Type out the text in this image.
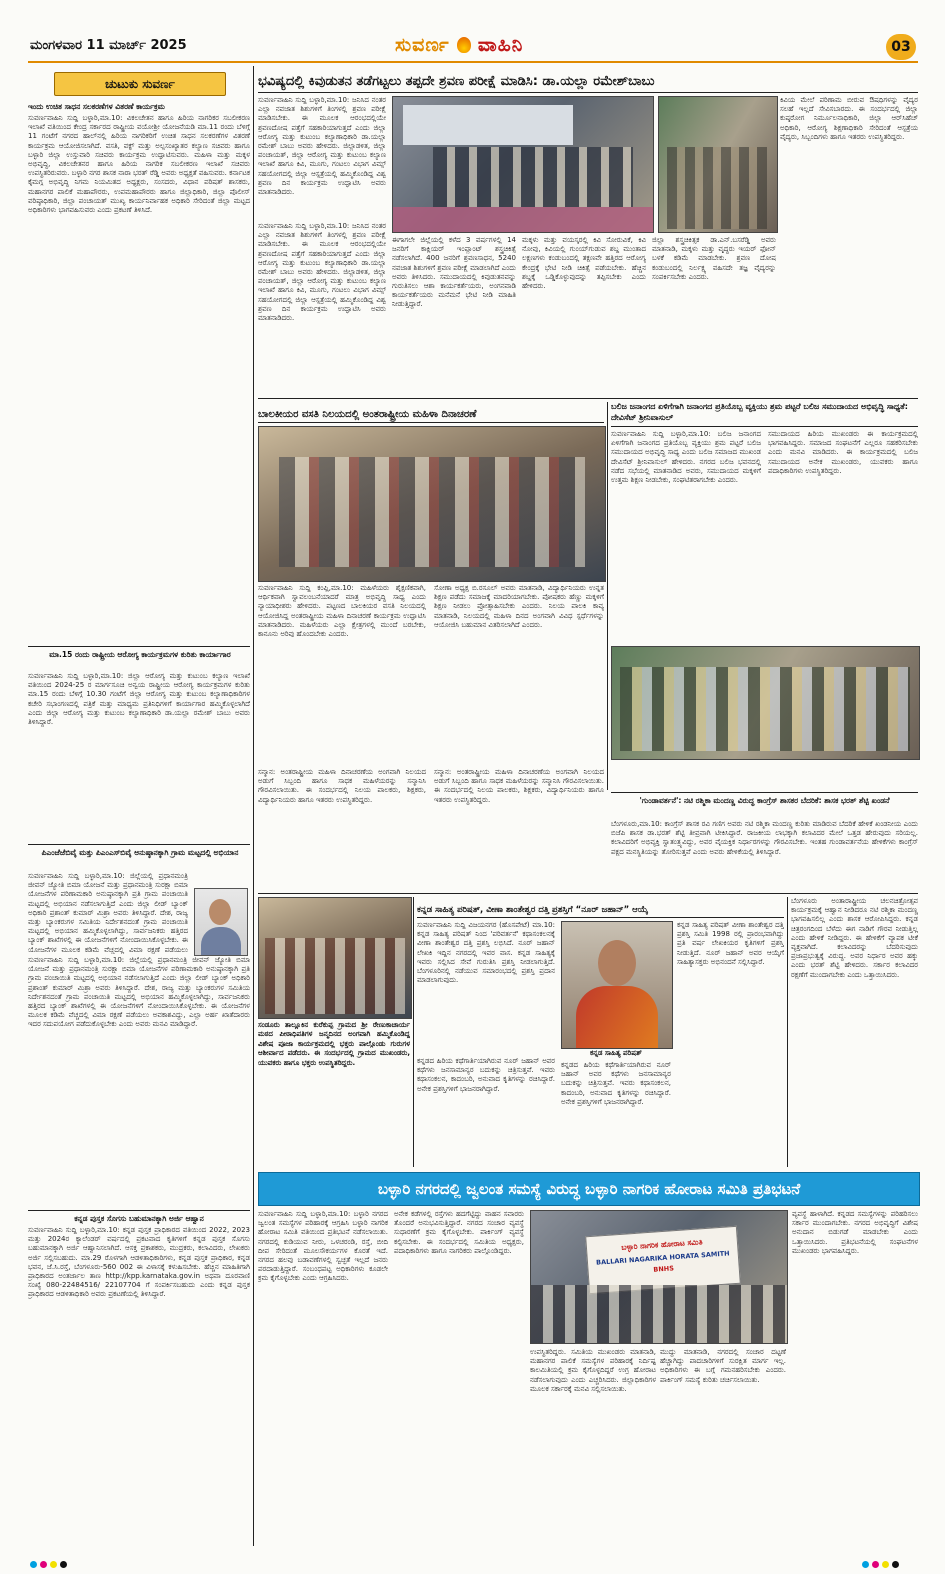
ಮಂಗಳವಾರ 11 ಮಾರ್ಚ್ 2025	ಸುವರ್ಣ ವಾಹಿನಿ	03
ಚುಟುಕು ಸುವರ್ಣ
ಇಂದು ಉಚಿತ ಸಾಧನ ಸಲಕರಣೆಗಳ ವಿತರಣೆ ಕಾರ್ಯಕ್ರಮ
ಸುವರ್ಣವಾಹಿನಿ ಸುದ್ದಿ ಬಳ್ಳಾರಿ,ಮಾ.10: ವಿಕಲಚೇತನ ಹಾಗೂ ಹಿರಿಯ ನಾಗರಿಕರ ಸಬಲೀಕರಣ ಇಲಾಖೆ ವತಿಯಿಂದ ಕೇಂದ್ರ ಸರ್ಕಾರದ ರಾಷ್ಟ್ರೀಯ ವಯೋಶ್ರೀ ಯೋಜನೆಯಡಿ ಮಾ.11 ರಂದು ಬೆಳಿಗ್ಗೆ 11 ಗಂಟೆಗೆ ನಗರದ ಹಾಲ್‌ನಲ್ಲಿ ಹಿರಿಯ ನಾಗರಿಕರಿಗೆ ಉಚಿತ ಸಾಧನ ಸಲಕರಣೆಗಳ ವಿತರಣೆ ಕಾರ್ಯಕ್ರಮ ಆಯೋಜಿಸಲಾಗಿದೆ. ವಸತಿ, ವಕ್ಫ್ ಮತ್ತು ಅಲ್ಪಸಂಖ್ಯಾತರ ಕಲ್ಯಾಣ ಸಚಿವರು ಹಾಗೂ ಬಳ್ಳಾರಿ ಜಿಲ್ಲಾ ಉಸ್ತುವಾರಿ ಸಚಿವರು ಕಾರ್ಯಕ್ರಮ ಉದ್ಘಾಟಿಸುವರು. ಮಹಿಳಾ ಮತ್ತು ಮಕ್ಕಳ ಅಭಿವೃದ್ಧಿ, ವಿಕಲಚೇತನರ ಹಾಗೂ ಹಿರಿಯ ನಾಗರಿಕ ಸಬಲೀಕರಣ ಇಲಾಖೆ ಸಚಿವರು ಉಪಸ್ಥಿತರಿರುವರು. ಬಳ್ಳಾರಿ ನಗರ ಶಾಸಕ ನಾರಾ ಭರತ್ ರೆಡ್ಡಿ ಅವರು ಅಧ್ಯಕ್ಷತೆ ವಹಿಸುವರು. ಕರ್ನಾಟಕ ಕೈಮಗ್ಗ ಅಭಿವೃದ್ಧಿ ನಿಗಮ ನಿಯಮಿತದ ಅಧ್ಯಕ್ಷರು, ಸಂಸದರು, ವಿಧಾನ ಪರಿಷತ್ ಶಾಸಕರು, ಮಹಾನಗರ ಪಾಲಿಕೆ ಮಹಾಪೌರರು, ಉಪಮಹಾಪೌರರು ಹಾಗೂ ಜಿಲ್ಲಾಧಿಕಾರಿ, ಜಿಲ್ಲಾ ಪೊಲೀಸ್ ವರಿಷ್ಠಾಧಿಕಾರಿ, ಜಿಲ್ಲಾ ಪಂಚಾಯತ್ ಮುಖ್ಯ ಕಾರ್ಯನಿರ್ವಾಹಕ ಅಧಿಕಾರಿ ಸೇರಿದಂತೆ ಜಿಲ್ಲಾ ಮಟ್ಟದ ಅಧಿಕಾರಿಗಳು ಭಾಗವಹಿಸುವರು ಎಂದು ಪ್ರಕಟಣೆ ತಿಳಿಸಿದೆ.
ಮಾ.15 ರಂದು ರಾಷ್ಟ್ರೀಯ ಆರೋಗ್ಯ ಕಾರ್ಯಕ್ರಮಗಳ ಕುರಿತು ಕಾರ್ಯಾಗಾರ
ಸುವರ್ಣವಾಹಿನಿ ಸುದ್ದಿ ಬಳ್ಳಾರಿ,ಮಾ.10: ಜಿಲ್ಲಾ ಆರೋಗ್ಯ ಮತ್ತು ಕುಟುಂಬ ಕಲ್ಯಾಣ ಇಲಾಖೆ ವತಿಯಿಂದ 2024-25 ರ ಮಾರ್ಗಸೂಚಿ ಅನ್ವಯ ರಾಷ್ಟ್ರೀಯ ಆರೋಗ್ಯ ಕಾರ್ಯಕ್ರಮಗಳ ಕುರಿತು ಮಾ.15 ರಂದು ಬೆಳಿಗ್ಗೆ 10.30 ಗಂಟೆಗೆ ಜಿಲ್ಲಾ ಆರೋಗ್ಯ ಮತ್ತು ಕುಟುಂಬ ಕಲ್ಯಾಣಾಧಿಕಾರಿಗಳ ಕಚೇರಿ ಸಭಾಂಗಣದಲ್ಲಿ ಪತ್ರಿಕೆ ಮತ್ತು ಮಾಧ್ಯಮ ಪ್ರತಿನಿಧಿಗಳಿಗೆ ಕಾರ್ಯಾಗಾರ ಹಮ್ಮಿಕೊಳ್ಳಲಾಗಿದೆ ಎಂದು ಜಿಲ್ಲಾ ಆರೋಗ್ಯ ಮತ್ತು ಕುಟುಂಬ ಕಲ್ಯಾಣಾಧಿಕಾರಿ ಡಾ.ಯಲ್ಲಾ ರಮೇಶ್ ಬಾಬು ಅವರು ತಿಳಿಸಿದ್ದಾರೆ.
ಪಿಎಂಜೆಜೆಬಿವೈ ಮತ್ತು ಪಿಎಂಎಸ್‌ಬಿವೈ ಅನುಷ್ಠಾನಕ್ಕಾಗಿ ಗ್ರಾಮ ಮಟ್ಟದಲ್ಲಿ ಅಭಿಯಾನ
ಸುವರ್ಣವಾಹಿನಿ ಸುದ್ದಿ ಬಳ್ಳಾರಿ,ಮಾ.10: ಜಿಲ್ಲೆಯಲ್ಲಿ ಪ್ರಧಾನಮಂತ್ರಿ ಜೀವನ್ ಜ್ಯೋತಿ ಬಿಮಾ ಯೋಜನೆ ಮತ್ತು ಪ್ರಧಾನಮಂತ್ರಿ ಸುರಕ್ಷಾ ಬಿಮಾ ಯೋಜನೆಗಳ ಪರಿಣಾಮಕಾರಿ ಅನುಷ್ಠಾನಕ್ಕಾಗಿ ಪ್ರತಿ ಗ್ರಾಮ ಪಂಚಾಯಿತಿ ಮಟ್ಟದಲ್ಲಿ ಅಭಿಯಾನ ನಡೆಸಲಾಗುತ್ತಿದೆ ಎಂದು ಜಿಲ್ಲಾ ಲೀಡ್ ಬ್ಯಾಂಕ್ ಅಧಿಕಾರಿ ಪ್ರಶಾಂತ್ ಕುಮಾರ್ ಮಿಶ್ರಾ ಅವರು ತಿಳಿಸಿದ್ದಾರೆ. ದೇಶ, ರಾಜ್ಯ ಮತ್ತು ಬ್ಯಾಂಕರುಗಳ ಸಮಿತಿಯ ನಿರ್ದೇಶನದಂತೆ ಗ್ರಾಮ ಪಂಚಾಯಿತಿ ಮಟ್ಟದಲ್ಲಿ ಅಭಿಯಾನ ಹಮ್ಮಿಕೊಳ್ಳಲಾಗಿದ್ದು, ಸಾರ್ವಜನಿಕರು ಹತ್ತಿರದ ಬ್ಯಾಂಕ್ ಶಾಖೆಗಳಲ್ಲಿ ಈ ಯೋಜನೆಗಳಿಗೆ ನೋಂದಾಯಿಸಿಕೊಳ್ಳಬೇಕು. ಈ ಯೋಜನೆಗಳ ಮೂಲಕ ಕಡಿಮೆ ವೆಚ್ಚದಲ್ಲಿ ವಿಮಾ ರಕ್ಷಣೆ ಪಡೆಯಲು
ಸುವರ್ಣವಾಹಿನಿ ಸುದ್ದಿ ಬಳ್ಳಾರಿ,ಮಾ.10: ಜಿಲ್ಲೆಯಲ್ಲಿ ಪ್ರಧಾನಮಂತ್ರಿ ಜೀವನ್ ಜ್ಯೋತಿ ಬಿಮಾ ಯೋಜನೆ ಮತ್ತು ಪ್ರಧಾನಮಂತ್ರಿ ಸುರಕ್ಷಾ ಬಿಮಾ ಯೋಜನೆಗಳ ಪರಿಣಾಮಕಾರಿ ಅನುಷ್ಠಾನಕ್ಕಾಗಿ ಪ್ರತಿ ಗ್ರಾಮ ಪಂಚಾಯಿತಿ ಮಟ್ಟದಲ್ಲಿ ಅಭಿಯಾನ ನಡೆಸಲಾಗುತ್ತಿದೆ ಎಂದು ಜಿಲ್ಲಾ ಲೀಡ್ ಬ್ಯಾಂಕ್ ಅಧಿಕಾರಿ ಪ್ರಶಾಂತ್ ಕುಮಾರ್ ಮಿಶ್ರಾ ಅವರು ತಿಳಿಸಿದ್ದಾರೆ. ದೇಶ, ರಾಜ್ಯ ಮತ್ತು ಬ್ಯಾಂಕರುಗಳ ಸಮಿತಿಯ ನಿರ್ದೇಶನದಂತೆ ಗ್ರಾಮ ಪಂಚಾಯಿತಿ ಮಟ್ಟದಲ್ಲಿ ಅಭಿಯಾನ ಹಮ್ಮಿಕೊಳ್ಳಲಾಗಿದ್ದು, ಸಾರ್ವಜನಿಕರು ಹತ್ತಿರದ ಬ್ಯಾಂಕ್ ಶಾಖೆಗಳಲ್ಲಿ ಈ ಯೋಜನೆಗಳಿಗೆ ನೋಂದಾಯಿಸಿಕೊಳ್ಳಬೇಕು. ಈ ಯೋಜನೆಗಳ ಮೂಲಕ ಕಡಿಮೆ ವೆಚ್ಚದಲ್ಲಿ ವಿಮಾ ರಕ್ಷಣೆ ಪಡೆಯಲು ಅವಕಾಶವಿದ್ದು, ಎಲ್ಲಾ ಅರ್ಹ ಖಾತೆದಾರರು ಇದರ ಸದುಪಯೋಗ ಪಡೆದುಕೊಳ್ಳಬೇಕು ಎಂದು ಅವರು ಮನವಿ ಮಾಡಿದ್ದಾರೆ.
ಕನ್ನಡ ಪುಸ್ತಕ ಸೊಗಸು ಬಹುಮಾನಕ್ಕಾಗಿ ಅರ್ಜಿ ಆಹ್ವಾನ
ಸುವರ್ಣವಾಹಿನಿ ಸುದ್ದಿ ಬಳ್ಳಾರಿ,ಮಾ.10: ಕನ್ನಡ ಪುಸ್ತಕ ಪ್ರಾಧಿಕಾರದ ವತಿಯಿಂದ 2022, 2023 ಮತ್ತು 2024ರ ಕ್ಯಾಲೆಂಡರ್ ವರ್ಷದಲ್ಲಿ ಪ್ರಕಟವಾದ ಕೃತಿಗಳಿಗೆ ಕನ್ನಡ ಪುಸ್ತಕ ಸೊಗಸು ಬಹುಮಾನಕ್ಕಾಗಿ ಅರ್ಜಿ ಆಹ್ವಾನಿಸಲಾಗಿದೆ. ಆಸಕ್ತ ಪ್ರಕಾಶಕರು, ಮುದ್ರಕರು, ಕಲಾವಿದರು, ಲೇಖಕರು ಅರ್ಜಿ ಸಲ್ಲಿಸಬಹುದು. ಮಾ.29 ರೊಳಗಾಗಿ ಆಡಳಿತಾಧಿಕಾರಿಗಳು, ಕನ್ನಡ ಪುಸ್ತಕ ಪ್ರಾಧಿಕಾರ, ಕನ್ನಡ ಭವನ, ಜೆ.ಸಿ.ರಸ್ತೆ, ಬೆಂಗಳೂರು-560 002 ಈ ವಿಳಾಸಕ್ಕೆ ಕಳುಹಿಸಬೇಕು. ಹೆಚ್ಚಿನ ಮಾಹಿತಿಗಾಗಿ ಪ್ರಾಧಿಕಾರದ ಅಂತರ್ಜಾಲ ತಾಣ http://kpp.karnataka.gov.in ಅಥವಾ ದೂರವಾಣಿ ಸಂಖ್ಯೆ 080-22484516/ 22107704 ಗೆ ಸಂಪರ್ಕಿಸಬಹುದು ಎಂದು ಕನ್ನಡ ಪುಸ್ತಕ ಪ್ರಾಧಿಕಾರದ ಆಡಳಿತಾಧಿಕಾರಿ ಅವರು ಪ್ರಕಟಣೆಯಲ್ಲಿ ತಿಳಿಸಿದ್ದಾರೆ.
ಭವಿಷ್ಯದಲ್ಲಿ ಕಿವುಡುತನ ತಡೆಗಟ್ಟಲು ತಪ್ಪದೇ ಶ್ರವಣ ಪರೀಕ್ಷೆ ಮಾಡಿಸಿ: ಡಾ.ಯಲ್ಲಾ ರಮೇಶ್‌ಬಾಬು
ಸುವರ್ಣವಾಹಿನಿ ಸುದ್ದಿ ಬಳ್ಳಾರಿ,ಮಾ.10: ಜನಿಸಿದ ನಂತರ ಎಲ್ಲಾ ನವಜಾತ ಶಿಶುಗಳಿಗೆ ತಿಂಗಳಲ್ಲಿ ಶ್ರವಣ ಪರೀಕ್ಷೆ ಮಾಡಿಸಬೇಕು. ಈ ಮೂಲಕ ಆರಂಭದಲ್ಲಿಯೇ ಶ್ರವಣದೋಷ ಪತ್ತೆಗೆ ಸಹಕಾರಿಯಾಗುತ್ತದೆ ಎಂದು ಜಿಲ್ಲಾ ಆರೋಗ್ಯ ಮತ್ತು ಕುಟುಂಬ ಕಲ್ಯಾಣಾಧಿಕಾರಿ ಡಾ.ಯಲ್ಲಾ ರಮೇಶ್ ಬಾಬು ಅವರು ಹೇಳಿದರು. ಜಿಲ್ಲಾಡಳಿತ, ಜಿಲ್ಲಾ ಪಂಚಾಯತ್, ಜಿಲ್ಲಾ ಆರೋಗ್ಯ ಮತ್ತು ಕುಟುಂಬ ಕಲ್ಯಾಣ ಇಲಾಖೆ ಹಾಗೂ ಕಿವಿ, ಮೂಗು, ಗಂಟಲು ವಿಭಾಗ ವಿಮ್ಸ್ ಸಹಯೋಗದಲ್ಲಿ ಜಿಲ್ಲಾ ಆಸ್ಪತ್ರೆಯಲ್ಲಿ ಹಮ್ಮಿಕೊಂಡಿದ್ದ ವಿಶ್ವ ಶ್ರವಣ ದಿನ ಕಾರ್ಯಕ್ರಮ ಉದ್ಘಾಟಿಸಿ ಅವರು ಮಾತನಾಡಿದರು.
ಕಿವಿಯ ಮೇಲೆ ಪರಿಣಾಮ ಬೀರುವ ಔಷಧಿಗಳನ್ನು ವೈದ್ಯರ ಸಲಹೆ ಇಲ್ಲದೆ ಸೇವಿಸಬಾರದು. ಈ ಸಂದರ್ಭದಲ್ಲಿ ಜಿಲ್ಲಾ ಕುಷ್ಠರೋಗ ನಿರ್ಮೂಲನಾಧಿಕಾರಿ, ಜಿಲ್ಲಾ ಆರ್‌ಸಿಹೆಚ್ ಅಧಿಕಾರಿ, ಆರೋಗ್ಯ ಶಿಕ್ಷಣಾಧಿಕಾರಿ ಸೇರಿದಂತೆ ಆಸ್ಪತ್ರೆಯ ವೈದ್ಯರು, ಸಿಬ್ಬಂದಿಗಳು ಹಾಗೂ ಇತರರು ಉಪಸ್ಥಿತರಿದ್ದರು.
ಜಿಲ್ಲಾ ಶಸ್ತ್ರಚಿಕಿತ್ಸಕ ಡಾ.ಎನ್.ಬಸರೆಡ್ಡಿ ಅವರು ಮಾತನಾಡಿ, ಮಕ್ಕಳು ಮತ್ತು ವೃದ್ಧರು ಇಯರ್ ಫೋನ್ ಬಳಕೆ ಕಡಿಮೆ ಮಾಡಬೇಕು. ಶ್ರವಣ ದೋಷ ಕಂಡುಬಂದಲ್ಲಿ ನಿರ್ಲಕ್ಷ್ಯ ವಹಿಸದೇ ತಜ್ಞ ವೈದ್ಯರನ್ನು ಸಂಪರ್ಕಿಸಬೇಕು ಎಂದರು.
ಸುವರ್ಣವಾಹಿನಿ ಸುದ್ದಿ ಬಳ್ಳಾರಿ,ಮಾ.10: ಜನಿಸಿದ ನಂತರ ಎಲ್ಲಾ ನವಜಾತ ಶಿಶುಗಳಿಗೆ ತಿಂಗಳಲ್ಲಿ ಶ್ರವಣ ಪರೀಕ್ಷೆ ಮಾಡಿಸಬೇಕು. ಈ ಮೂಲಕ ಆರಂಭದಲ್ಲಿಯೇ ಶ್ರವಣದೋಷ ಪತ್ತೆಗೆ ಸಹಕಾರಿಯಾಗುತ್ತದೆ ಎಂದು ಜಿಲ್ಲಾ ಆರೋಗ್ಯ ಮತ್ತು ಕುಟುಂಬ ಕಲ್ಯಾಣಾಧಿಕಾರಿ ಡಾ.ಯಲ್ಲಾ ರಮೇಶ್ ಬಾಬು ಅವರು ಹೇಳಿದರು. ಜಿಲ್ಲಾಡಳಿತ, ಜಿಲ್ಲಾ ಪಂಚಾಯತ್, ಜಿಲ್ಲಾ ಆರೋಗ್ಯ ಮತ್ತು ಕುಟುಂಬ ಕಲ್ಯಾಣ ಇಲಾಖೆ ಹಾಗೂ ಕಿವಿ, ಮೂಗು, ಗಂಟಲು ವಿಭಾಗ ವಿಮ್ಸ್ ಸಹಯೋಗದಲ್ಲಿ ಜಿಲ್ಲಾ ಆಸ್ಪತ್ರೆಯಲ್ಲಿ ಹಮ್ಮಿಕೊಂಡಿದ್ದ ವಿಶ್ವ ಶ್ರವಣ ದಿನ ಕಾರ್ಯಕ್ರಮ ಉದ್ಘಾಟಿಸಿ ಅವರು ಮಾತನಾಡಿದರು.
ಈಗಾಗಲೇ ಜಿಲ್ಲೆಯಲ್ಲಿ ಕಳೆದ 3 ವರ್ಷಗಳಲ್ಲಿ 14 ಜನರಿಗೆ ಕಾಕ್ಲಿಯರ್ ಇಂಪ್ಲಾಂಟ್ ಶಸ್ತ್ರಚಿಕಿತ್ಸೆ ನಡೆಸಲಾಗಿದೆ. 400 ಜನರಿಗೆ ಶ್ರವಣಸಾಧನ, 5240 ನವಜಾತ ಶಿಶುಗಳಿಗೆ ಶ್ರವಣ ಪರೀಕ್ಷೆ ಮಾಡಲಾಗಿದೆ ಎಂದು ಅವರು ತಿಳಿಸಿದರು. ಸಮುದಾಯದಲ್ಲಿ ಕಿವುಡುತನವನ್ನು ಗುರುತಿಸಲು ಆಶಾ ಕಾರ್ಯಕರ್ತೆಯರು, ಅಂಗನವಾಡಿ ಕಾರ್ಯಕರ್ತೆಯರು ಮನೆಮನೆ ಭೇಟಿ ನೀಡಿ ಮಾಹಿತಿ ನೀಡುತ್ತಿದ್ದಾರೆ.
ಮಕ್ಕಳು ಮತ್ತು ವಯಸ್ಕರಲ್ಲಿ ಕಿವಿ ಸೋರುವಿಕೆ, ಕಿವಿ ನೋವು, ಕಿವಿಯಲ್ಲಿ ಗುಂಯ್‌ಗುಡುವ ಶಬ್ದ ಮುಂತಾದ ಲಕ್ಷಣಗಳು ಕಂಡುಬಂದಲ್ಲಿ ತಕ್ಷಣವೇ ಹತ್ತಿರದ ಆರೋಗ್ಯ ಕೇಂದ್ರಕ್ಕೆ ಭೇಟಿ ನೀಡಿ ಚಿಕಿತ್ಸೆ ಪಡೆಯಬೇಕು. ಹೆಚ್ಚಿನ ಶಬ್ದಕ್ಕೆ ಒಡ್ಡಿಕೊಳ್ಳುವುದನ್ನು ತಪ್ಪಿಸಬೇಕು ಎಂದು ಹೇಳಿದರು.
ಬಾಲಕೀಯರ ವಸತಿ ನಿಲಯದಲ್ಲಿ ಅಂತರಾಷ್ಟ್ರೀಯ ಮಹಿಳಾ ದಿನಾಚರಣೆ
ಸುವರ್ಣವಾಹಿನಿ ಸುದ್ದಿ ಕಂಪ್ಲಿ,ಮಾ.10: ಮಹಿಳೆಯರು ಶೈಕ್ಷಣಿಕವಾಗಿ, ಆರ್ಥಿಕವಾಗಿ ಸ್ವಾವಲಂಬನೆಯಾದರೆ ಮಾತ್ರ ಅಭಿವೃದ್ಧಿ ಸಾಧ್ಯ ಎಂದು ನ್ಯಾಯಾಧೀಶರು ಹೇಳಿದರು. ಪಟ್ಟಣದ ಬಾಲಕಿಯರ ವಸತಿ ನಿಲಯದಲ್ಲಿ ಆಯೋಜಿಸಿದ್ದ ಅಂತರಾಷ್ಟ್ರೀಯ ಮಹಿಳಾ ದಿನಾಚರಣೆ ಕಾರ್ಯಕ್ರಮ ಉದ್ಘಾಟಿಸಿ ಮಾತನಾಡಿದರು. ಮಹಿಳೆಯರು ಎಲ್ಲಾ ಕ್ಷೇತ್ರಗಳಲ್ಲಿ ಮುಂದೆ ಬರಬೇಕು, ಕಾನೂನು ಅರಿವು ಹೊಂದಬೇಕು ಎಂದರು.
ಸೋಣಾ ಅಧ್ಯಕ್ಷ ಬಿ.ರಸೂಲ್ ಅವರು ಮಾತನಾಡಿ, ವಿದ್ಯಾರ್ಥಿನಿಯರು ಉನ್ನತ ಶಿಕ್ಷಣ ಪಡೆದು ಸಮಾಜಕ್ಕೆ ಮಾದರಿಯಾಗಬೇಕು. ಪೋಷಕರು ಹೆಣ್ಣು ಮಕ್ಕಳಿಗೆ ಶಿಕ್ಷಣ ನೀಡಲು ಪ್ರೋತ್ಸಾಹಿಸಬೇಕು ಎಂದರು. ನಿಲಯ ಪಾಲಕಿ ಕಾವ್ಯ ಮಾತನಾಡಿ, ನಿಲಯದಲ್ಲಿ ಮಹಿಳಾ ದಿನದ ಅಂಗವಾಗಿ ವಿವಿಧ ಸ್ಪರ್ಧೆಗಳನ್ನು ಆಯೋಜಿಸಿ ಬಹುಮಾನ ವಿತರಿಸಲಾಗಿದೆ ಎಂದರು.
ಸನ್ಮಾನ: ಅಂತರಾಷ್ಟ್ರೀಯ ಮಹಿಳಾ ದಿನಾಚರಣೆಯ ಅಂಗವಾಗಿ ನಿಲಯದ ಅಡುಗೆ ಸಿಬ್ಬಂದಿ ಹಾಗೂ ಸಾಧಕ ಮಹಿಳೆಯರನ್ನು ಸನ್ಮಾನಿಸಿ ಗೌರವಿಸಲಾಯಿತು. ಈ ಸಂದರ್ಭದಲ್ಲಿ ನಿಲಯ ಪಾಲಕರು, ಶಿಕ್ಷಕರು, ವಿದ್ಯಾರ್ಥಿನಿಯರು ಹಾಗೂ ಇತರರು ಉಪಸ್ಥಿತರಿದ್ದರು.
ಸನ್ಮಾನ: ಅಂತರಾಷ್ಟ್ರೀಯ ಮಹಿಳಾ ದಿನಾಚರಣೆಯ ಅಂಗವಾಗಿ ನಿಲಯದ ಅಡುಗೆ ಸಿಬ್ಬಂದಿ ಹಾಗೂ ಸಾಧಕ ಮಹಿಳೆಯರನ್ನು ಸನ್ಮಾನಿಸಿ ಗೌರವಿಸಲಾಯಿತು. ಈ ಸಂದರ್ಭದಲ್ಲಿ ನಿಲಯ ಪಾಲಕರು, ಶಿಕ್ಷಕರು, ವಿದ್ಯಾರ್ಥಿನಿಯರು ಹಾಗೂ ಇತರರು ಉಪಸ್ಥಿತರಿದ್ದರು.
ಬಲಿಜ ಜನಾಂಗದ ಏಳಿಗೆಗಾಗಿ ಜನಾಂಗದ ಪ್ರತಿಯೊಬ್ಬ ವ್ಯಕ್ತಿಯು ಶ್ರಮ ಪಟ್ಟರೆ ಬಲಿಜ ಸಮುದಾಯದ ಅಭಿವೃದ್ಧಿ ಸಾಧ್ಯತೆ: ದೇವಿಸೆಟ್ ಶ್ರೀನಿವಾಸುಲ್
ಸುವರ್ಣವಾಹಿನಿ ಸುದ್ದಿ ಬಳ್ಳಾರಿ,ಮಾ.10: ಬಲಿಜ ಜನಾಂಗದ ಏಳಿಗೆಗಾಗಿ ಜನಾಂಗದ ಪ್ರತಿಯೊಬ್ಬ ವ್ಯಕ್ತಿಯು ಶ್ರಮ ಪಟ್ಟರೆ ಬಲಿಜ ಸಮುದಾಯದ ಅಭಿವೃದ್ಧಿ ಸಾಧ್ಯ ಎಂದು ಬಲಿಜ ಸಮಾಜದ ಮುಖಂಡ ದೇವಿಸೆಟ್ ಶ್ರೀನಿವಾಸುಲ್ ಹೇಳಿದರು. ನಗರದ ಬಲಿಜ ಭವನದಲ್ಲಿ ನಡೆದ ಸಭೆಯಲ್ಲಿ ಮಾತನಾಡಿದ ಅವರು, ಸಮುದಾಯದ ಮಕ್ಕಳಿಗೆ ಉತ್ತಮ ಶಿಕ್ಷಣ ನೀಡಬೇಕು, ಸಂಘಟಿತರಾಗಬೇಕು ಎಂದರು.
ಸಮುದಾಯದ ಹಿರಿಯ ಮುಖಂಡರು ಈ ಕಾರ್ಯಕ್ರಮದಲ್ಲಿ ಭಾಗವಹಿಸಿದ್ದರು. ಸಮಾಜದ ಸಂಘಟನೆಗೆ ಎಲ್ಲರೂ ಸಹಕರಿಸಬೇಕು ಎಂದು ಮನವಿ ಮಾಡಿದರು. ಈ ಕಾರ್ಯಕ್ರಮದಲ್ಲಿ ಬಲಿಜ ಸಮುದಾಯದ ಅನೇಕ ಮುಖಂಡರು, ಯುವಕರು ಹಾಗೂ ಪದಾಧಿಕಾರಿಗಳು ಉಪಸ್ಥಿತರಿದ್ದರು.
'ಗುಂಡಾವರ್ತನೆ': ನಟಿ ರಶ್ಮಿಕಾ ಮಂದಣ್ಣ ವಿರುದ್ಧ ಕಾಂಗ್ರೆಸ್ ಶಾಸಕರ ಬೆದರಿಕೆ: ಶಾಸಕ ಭರತ್ ಶೆಟ್ಟಿ ಖಂಡನೆ
ಬೆಂಗಳೂರು,ಮಾ.10: ಕಾಂಗ್ರೆಸ್ ಶಾಸಕ ರವಿ ಗಣಿಗ ಅವರು ನಟಿ ರಶ್ಮಿಕಾ ಮಂದಣ್ಣ ಕುರಿತು ಮಾಡಿರುವ ಬೆದರಿಕೆ ಹೇಳಿಕೆ ಖಂಡನೀಯ ಎಂದು ಬಿಜೆಪಿ ಶಾಸಕ ಡಾ.ಭರತ್ ಶೆಟ್ಟಿ ತೀವ್ರವಾಗಿ ಟೀಕಿಸಿದ್ದಾರೆ. ರಾಜಕೀಯ ಲಾಭಕ್ಕಾಗಿ ಕಲಾವಿದರ ಮೇಲೆ ಒತ್ತಡ ಹೇರುವುದು ಸರಿಯಲ್ಲ. ಕಲಾವಿದರಿಗೆ ಅಭಿವ್ಯಕ್ತಿ ಸ್ವಾತಂತ್ರ್ಯವಿದ್ದು, ಅವರ ವೈಯಕ್ತಿಕ ನಿರ್ಧಾರಗಳನ್ನು ಗೌರವಿಸಬೇಕು. ಇಂತಹ ಗುಂಡಾವರ್ತನೆಯ ಹೇಳಿಕೆಗಳು ಕಾಂಗ್ರೆಸ್ ಪಕ್ಷದ ಮನಸ್ಥಿತಿಯನ್ನು ತೋರಿಸುತ್ತವೆ ಎಂದು ಅವರು ಹೇಳಿಕೆಯಲ್ಲಿ ತಿಳಿಸಿದ್ದಾರೆ.
ಸಂಡೂರು ತಾಲ್ಲೂಕಿನ ಕುರೆಕುಪ್ಪ ಗ್ರಾಮದ ಶ್ರೀ ರೇಣುಕಾಚಾರ್ಯ ಮಠದ ಪೀಠಾಧಿಪತಿಗಳ ಜನ್ಮದಿನದ ಅಂಗವಾಗಿ ಹಮ್ಮಿಕೊಂಡಿದ್ದ ವಿಶೇಷ ಪೂಜಾ ಕಾರ್ಯಕ್ರಮದಲ್ಲಿ ಭಕ್ತರು ಪಾಲ್ಗೊಂಡು ಗುರುಗಳ ಆಶೀರ್ವಾದ ಪಡೆದರು. ಈ ಸಂದರ್ಭದಲ್ಲಿ ಗ್ರಾಮದ ಮುಖಂಡರು, ಯುವಕರು ಹಾಗೂ ಭಕ್ತರು ಉಪಸ್ಥಿತರಿದ್ದರು.
ಕನ್ನಡ ಸಾಹಿತ್ಯ ಪರಿಷತ್, ವೀಣಾ ಶಾಂತೇಶ್ವರ ದತ್ತಿ ಪ್ರಶಸ್ತಿಗೆ “ನೂರ್ ಜಹಾನ್” ಆಯ್ಕೆ
ಸುವರ್ಣವಾಹಿನಿ ಸುದ್ದಿ ವಿಜಯನಗರ (ಹೊಸಪೇಟೆ) ಮಾ.10: ಕನ್ನಡ ಸಾಹಿತ್ಯ ಪರಿಷತ್ ನಿಂದ 'ಪರಿವರ್ತನೆ' ಕಥಾಸಂಕಲನಕ್ಕೆ ವೀಣಾ ಶಾಂತೇಶ್ವರ ದತ್ತಿ ಪ್ರಶಸ್ತಿ ಲಭಿಸಿದೆ. ನೂರ್ ಜಹಾನ್ ಲೇಖಕಿ ಇದ್ದಿನ ನಗರದಲ್ಲಿ ಇವರ ವಾಸ. ಕನ್ನಡ ಸಾಹಿತ್ಯಕ್ಕೆ ಇವರು ಸಲ್ಲಿಸಿದ ಸೇವೆ ಗುರುತಿಸಿ ಪ್ರಶಸ್ತಿ ನೀಡಲಾಗುತ್ತಿದೆ. ಬೆಂಗಳೂರಿನಲ್ಲಿ ನಡೆಯುವ ಸಮಾರಂಭದಲ್ಲಿ ಪ್ರಶಸ್ತಿ ಪ್ರದಾನ ಮಾಡಲಾಗುವುದು.
ಕನ್ನಡ ಸಾಹಿತ್ಯ ಪರಿಷತ್ ವೀಣಾ ಶಾಂತೇಶ್ವರ ದತ್ತಿ ಪ್ರಶಸ್ತಿ ಸಮಿತಿ 1998 ರಲ್ಲಿ ಪ್ರಾರಂಭವಾಗಿದ್ದು ಪ್ರತಿ ವರ್ಷ ಲೇಖಕಿಯರ ಕೃತಿಗಳಿಗೆ ಪ್ರಶಸ್ತಿ ನೀಡುತ್ತಿದೆ. ನೂರ್ ಜಹಾನ್ ಅವರ ಆಯ್ಕೆಗೆ ಸಾಹಿತ್ಯಾಸಕ್ತರು ಅಭಿನಂದನೆ ಸಲ್ಲಿಸಿದ್ದಾರೆ.
ಕನ್ನಡ ಸಾಹಿತ್ಯ ಪರಿಷತ್
ಕನ್ನಡದ ಹಿರಿಯ ಕಥೆಗಾರ್ತಿಯಾಗಿರುವ ನೂರ್ ಜಹಾನ್ ಅವರ ಕಥೆಗಳು ಜನಸಾಮಾನ್ಯರ ಬದುಕನ್ನು ಚಿತ್ರಿಸುತ್ತವೆ. ಇವರು ಕಥಾಸಂಕಲನ, ಕಾದಂಬರಿ, ಅನುವಾದ ಕೃತಿಗಳನ್ನು ರಚಿಸಿದ್ದಾರೆ. ಅನೇಕ ಪ್ರಶಸ್ತಿಗಳಿಗೆ ಭಾಜನರಾಗಿದ್ದಾರೆ.
ಕನ್ನಡದ ಹಿರಿಯ ಕಥೆಗಾರ್ತಿಯಾಗಿರುವ ನೂರ್ ಜಹಾನ್ ಅವರ ಕಥೆಗಳು ಜನಸಾಮಾನ್ಯರ ಬದುಕನ್ನು ಚಿತ್ರಿಸುತ್ತವೆ. ಇವರು ಕಥಾಸಂಕಲನ, ಕಾದಂಬರಿ, ಅನುವಾದ ಕೃತಿಗಳನ್ನು ರಚಿಸಿದ್ದಾರೆ. ಅನೇಕ ಪ್ರಶಸ್ತಿಗಳಿಗೆ ಭಾಜನರಾಗಿದ್ದಾರೆ.
ಬೆಂಗಳೂರು ಅಂತಾರಾಷ್ಟ್ರೀಯ ಚಲನಚಿತ್ರೋತ್ಸವ ಕಾರ್ಯಕ್ರಮಕ್ಕೆ ಆಹ್ವಾನ ನೀಡಿದರೂ ನಟಿ ರಶ್ಮಿಕಾ ಮಂದಣ್ಣ ಭಾಗವಹಿಸಲಿಲ್ಲ ಎಂದು ಶಾಸಕ ಆರೋಪಿಸಿದ್ದರು. ಕನ್ನಡ ಚಿತ್ರರಂಗದಿಂದ ಬೆಳೆದು ಈಗ ನಾಡಿಗೆ ಗೌರವ ನೀಡುತ್ತಿಲ್ಲ ಎಂದು ಹೇಳಿಕೆ ನೀಡಿದ್ದರು. ಈ ಹೇಳಿಕೆಗೆ ವ್ಯಾಪಕ ಟೀಕೆ ವ್ಯಕ್ತವಾಗಿದೆ. ಕಲಾವಿದರನ್ನು ಬೆದರಿಸುವುದು ಪ್ರಜಾಪ್ರಭುತ್ವಕ್ಕೆ ವಿರುದ್ಧ. ಅವರ ನಿರ್ಧಾರ ಅವರ ಹಕ್ಕು ಎಂದು ಭರತ್ ಶೆಟ್ಟಿ ಹೇಳಿದರು. ಸರ್ಕಾರ ಕಲಾವಿದರ ರಕ್ಷಣೆಗೆ ಮುಂದಾಗಬೇಕು ಎಂದು ಒತ್ತಾಯಿಸಿದರು.
ಬಳ್ಳಾರಿ ನಗರದಲ್ಲಿ ಜ್ವಲಂತ ಸಮಸ್ಯೆ ವಿರುದ್ಧ ಬಳ್ಳಾರಿ ನಾಗರಿಕ ಹೋರಾಟ ಸಮಿತಿ ಪ್ರತಿಭಟನೆ
ಸುವರ್ಣವಾಹಿನಿ ಸುದ್ದಿ ಬಳ್ಳಾರಿ,ಮಾ.10: ಬಳ್ಳಾರಿ ನಗರದ ಜ್ವಲಂತ ಸಮಸ್ಯೆಗಳ ಪರಿಹಾರಕ್ಕೆ ಆಗ್ರಹಿಸಿ ಬಳ್ಳಾರಿ ನಾಗರಿಕ ಹೋರಾಟ ಸಮಿತಿ ವತಿಯಿಂದ ಪ್ರತಿಭಟನೆ ನಡೆಸಲಾಯಿತು. ನಗರದಲ್ಲಿ ಕುಡಿಯುವ ನೀರು, ಒಳಚರಂಡಿ, ರಸ್ತೆ, ಬೀದಿ ದೀಪ ಸೇರಿದಂತೆ ಮೂಲಸೌಕರ್ಯಗಳ ಕೊರತೆ ಇದೆ. ನಗರದ ಹಲವು ಬಡಾವಣೆಗಳಲ್ಲಿ ಸ್ವಚ್ಛತೆ ಇಲ್ಲದೆ ಜನರು ಪರದಾಡುತ್ತಿದ್ದಾರೆ. ಸಂಬಂಧಪಟ್ಟ ಅಧಿಕಾರಿಗಳು ಕೂಡಲೇ ಕ್ರಮ ಕೈಗೊಳ್ಳಬೇಕು ಎಂದು ಆಗ್ರಹಿಸಿದರು.
ಅನೇಕ ಕಡೆಗಳಲ್ಲಿ ರಸ್ತೆಗಳು ಹದಗೆಟ್ಟಿದ್ದು ವಾಹನ ಸವಾರರು ತೊಂದರೆ ಅನುಭವಿಸುತ್ತಿದ್ದಾರೆ. ನಗರದ ಸಂಚಾರ ವ್ಯವಸ್ಥೆ ಸುಧಾರಣೆಗೆ ಕ್ರಮ ಕೈಗೊಳ್ಳಬೇಕು. ಪಾರ್ಕಿಂಗ್ ವ್ಯವಸ್ಥೆ ಕಲ್ಪಿಸಬೇಕು. ಈ ಸಂದರ್ಭದಲ್ಲಿ ಸಮಿತಿಯ ಅಧ್ಯಕ್ಷರು, ಪದಾಧಿಕಾರಿಗಳು ಹಾಗೂ ನಾಗರಿಕರು ಪಾಲ್ಗೊಂಡಿದ್ದರು.	ಬಳ್ಳಾರಿ ನಾಗರಿಕ ಹೋರಾಟ ಸಮಿತಿ
BALLARI NAGARIKA HORATA SAMITH
BNHS
ಉಪಸ್ಥಿತರಿದ್ದರು. ಸಮಿತಿಯ ಮುಖಂಡರು ಮಾತನಾಡಿ, ಮಹಾನಗರ ಪಾಲಿಕೆ ಸಮಸ್ಯೆಗಳ ಪರಿಹಾರಕ್ಕೆ ನಿರ್ದಿಷ್ಟ ಕಾಲಮಿತಿಯಲ್ಲಿ ಕ್ರಮ ಕೈಗೊಳ್ಳದಿದ್ದರೆ ಉಗ್ರ ಹೋರಾಟ ನಡೆಸಲಾಗುವುದು ಎಂದು ಎಚ್ಚರಿಸಿದರು. ಜಿಲ್ಲಾಧಿಕಾರಿಗಳ ಮೂಲಕ ಸರ್ಕಾರಕ್ಕೆ ಮನವಿ ಸಲ್ಲಿಸಲಾಯಿತು.
ಮುದ್ದು ಮಾತನಾಡಿ, ನಗರದಲ್ಲಿ ಸಂಚಾರ ದಟ್ಟಣೆ ಹೆಚ್ಚಾಗಿದ್ದು ಪಾದಚಾರಿಗಳಿಗೆ ಸುರಕ್ಷಿತ ಮಾರ್ಗ ಇಲ್ಲ. ಅಧಿಕಾರಿಗಳು ಈ ಬಗ್ಗೆ ಗಮನಹರಿಸಬೇಕು ಎಂದರು. ಪಾರ್ಕಿಂಗ್ ಸಮಸ್ಯೆ ಕುರಿತು ಚರ್ಚಿಸಲಾಯಿತು.
ವ್ಯವಸ್ಥೆ ಹಾಳಾಗಿದೆ. ಕನ್ನಡದ ಸಮಸ್ಯೆಗಳನ್ನು ಪರಿಹರಿಸಲು ಸರ್ಕಾರ ಮುಂದಾಗಬೇಕು. ನಗರದ ಅಭಿವೃದ್ಧಿಗೆ ವಿಶೇಷ ಅನುದಾನ ಬಿಡುಗಡೆ ಮಾಡಬೇಕು ಎಂದು ಒತ್ತಾಯಿಸಿದರು. ಪ್ರತಿಭಟನೆಯಲ್ಲಿ ಸಂಘಟನೆಗಳ ಮುಖಂಡರು ಭಾಗವಹಿಸಿದ್ದರು.
